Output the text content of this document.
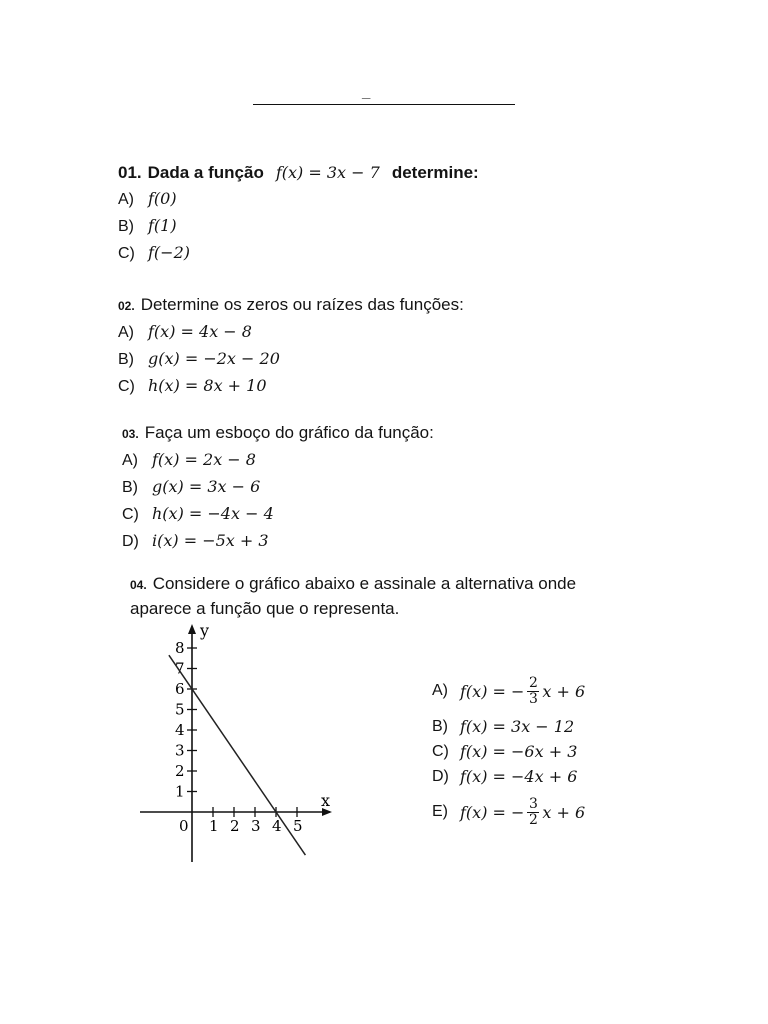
_
01. Dada a função f(x) = 3x − 7 determine:
A) f(0)
B) f(1)
C) f(−2)
02. Determine os zeros ou raízes das funções:
A) f(x) = 4x − 8
B) g(x) = −2x − 20
C) h(x) = 8x + 10
03. Faça um esboço do gráfico da função:
A) f(x) = 2x − 8
B) g(x) = 3x − 6
C) h(x) = −4x − 4
D) i(x) = −5x + 3
04. Considere o gráfico abaixo e assinale a alternativa onde
aparece a função que o representa.
x
y
0 1 2 3 4 5
1
2
3
4
5
6
7
8
A) f(x) = − $\frac{2}{3}$ x + 6
B) f(x) = 3x − 12
C) f(x) = −6x + 3
D) f(x) = −4x + 6
E) f(x) = − $\frac{3}{2}$ x + 6
